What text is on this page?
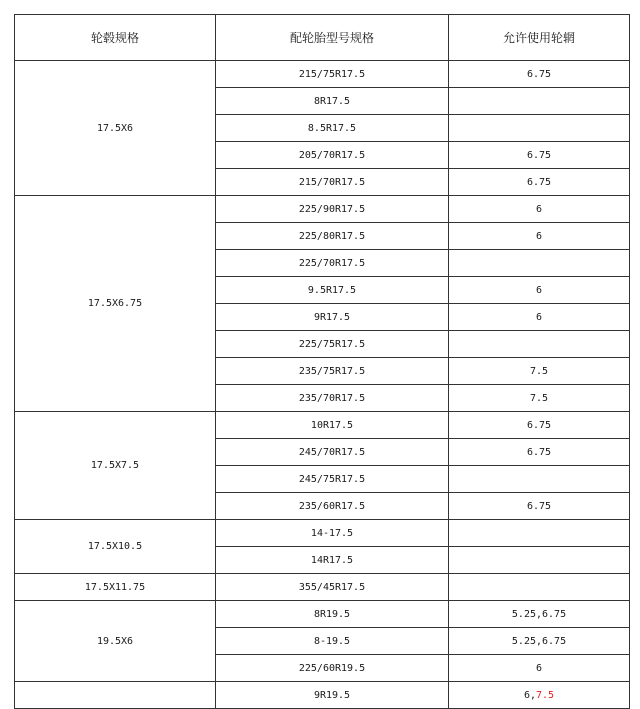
轮毂规格	配轮胎型号规格	允许使用轮辋
17.5X6	215/75R17.5	6.75
	8R17.5	
	8.5R17.5	
	205/70R17.5	6.75
	215/70R17.5	6.75
17.5X6.75	225/90R17.5	6
	225/80R17.5	6
	225/70R17.5	
	9.5R17.5	6
	9R17.5	6
	225/75R17.5	
	235/75R17.5	7.5
	235/70R17.5	7.5
17.5X7.5	10R17.5	6.75
	245/70R17.5	6.75
	245/75R17.5	
	235/60R17.5	6.75
17.5X10.5	14-17.5	
	14R17.5	
17.5X11.75	355/45R17.5	
19.5X6	8R19.5	5.25,6.75
	8-19.5	5.25,6.75
	225/60R19.5	6
	9R19.5	6,7.5
